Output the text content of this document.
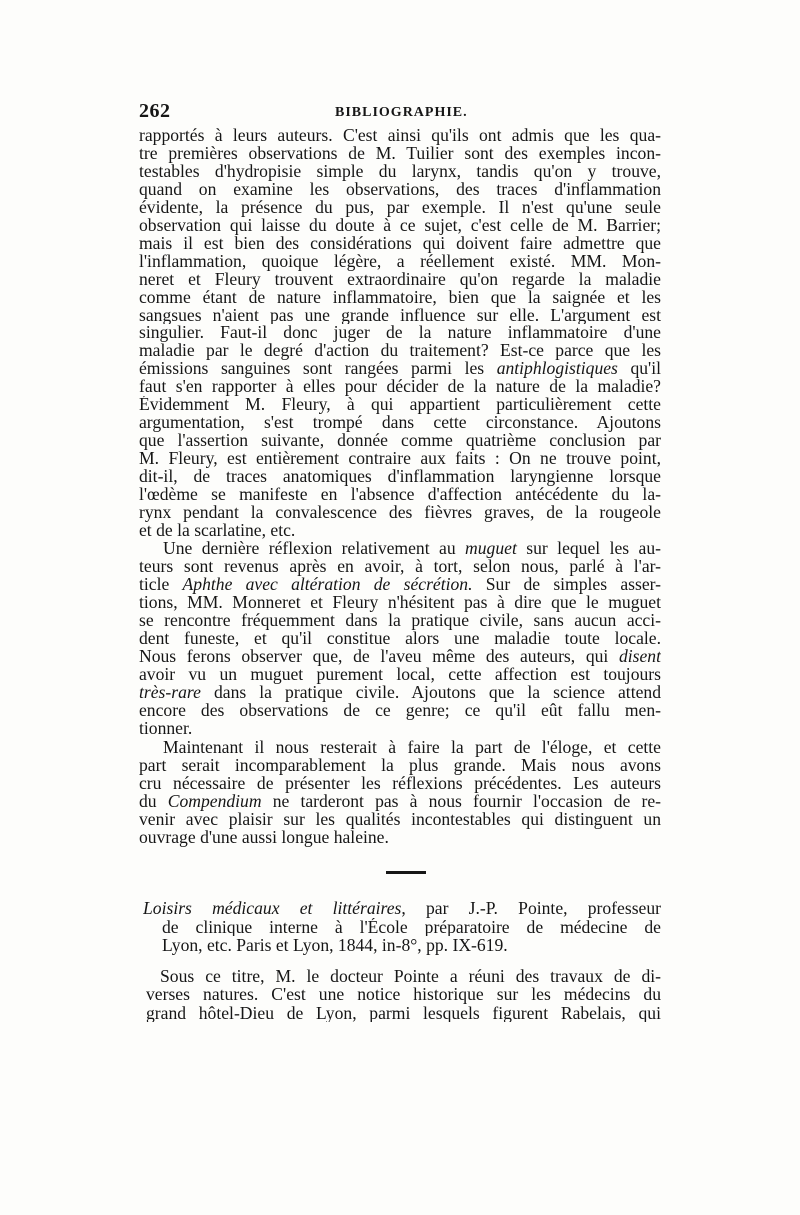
262	BIBLIOGRAPHIE.
rapportés à leurs auteurs. C'est ainsi qu'ils ont admis que les qua-
tre premières observations de M. Tuilier sont des exemples incon-
testables d'hydropisie simple du larynx, tandis qu'on y trouve,
quand on examine les observations, des traces d'inflammation
évidente, la présence du pus, par exemple. Il n'est qu'une seule
observation qui laisse du doute à ce sujet, c'est celle de M. Barrier;
mais il est bien des considérations qui doivent faire admettre que
l'inflammation, quoique légère, a réellement existé. MM. Mon-
neret et Fleury trouvent extraordinaire qu'on regarde la maladie
comme étant de nature inflammatoire, bien que la saignée et les
sangsues n'aient pas une grande influence sur elle. L'argument est
singulier. Faut-il donc juger de la nature inflammatoire d'une
maladie par le degré d'action du traitement? Est-ce parce que les
émissions sanguines sont rangées parmi les antiphlogistiques qu'il
faut s'en rapporter à elles pour décider de la nature de la maladie?
Évidemment M. Fleury, à qui appartient particulièrement cette
argumentation, s'est trompé dans cette circonstance. Ajoutons
que l'assertion suivante, donnée comme quatrième conclusion par
M. Fleury, est entièrement contraire aux faits : On ne trouve point,
dit-il, de traces anatomiques d'inflammation laryngienne lorsque
l'œdème se manifeste en l'absence d'affection antécédente du la-
rynx pendant la convalescence des fièvres graves, de la rougeole
et de la scarlatine, etc.
Une dernière réflexion relativement au muguet sur lequel les au-
teurs sont revenus après en avoir, à tort, selon nous, parlé à l'ar-
ticle Aphthe avec altération de sécrétion. Sur de simples asser-
tions, MM. Monneret et Fleury n'hésitent pas à dire que le muguet
se rencontre fréquemment dans la pratique civile, sans aucun acci-
dent funeste, et qu'il constitue alors une maladie toute locale.
Nous ferons observer que, de l'aveu même des auteurs, qui disent
avoir vu un muguet purement local, cette affection est toujours
très-rare dans la pratique civile. Ajoutons que la science attend
encore des observations de ce genre; ce qu'il eût fallu men-
tionner.
Maintenant il nous resterait à faire la part de l'éloge, et cette
part serait incomparablement la plus grande. Mais nous avons
cru nécessaire de présenter les réflexions précédentes. Les auteurs
du Compendium ne tarderont pas à nous fournir l'occasion de re-
venir avec plaisir sur les qualités incontestables qui distinguent un
ouvrage d'une aussi longue haleine.
Loisirs médicaux et littéraires, par J.-P. Pointe, professeur
de clinique interne à l'École préparatoire de médecine de
Lyon, etc. Paris et Lyon, 1844, in-8°, pp. IX-619.
Sous ce titre, M. le docteur Pointe a réuni des travaux de di-
verses natures. C'est une notice historique sur les médecins du
grand hôtel-Dieu de Lyon, parmi lesquels figurent Rabelais, qui
